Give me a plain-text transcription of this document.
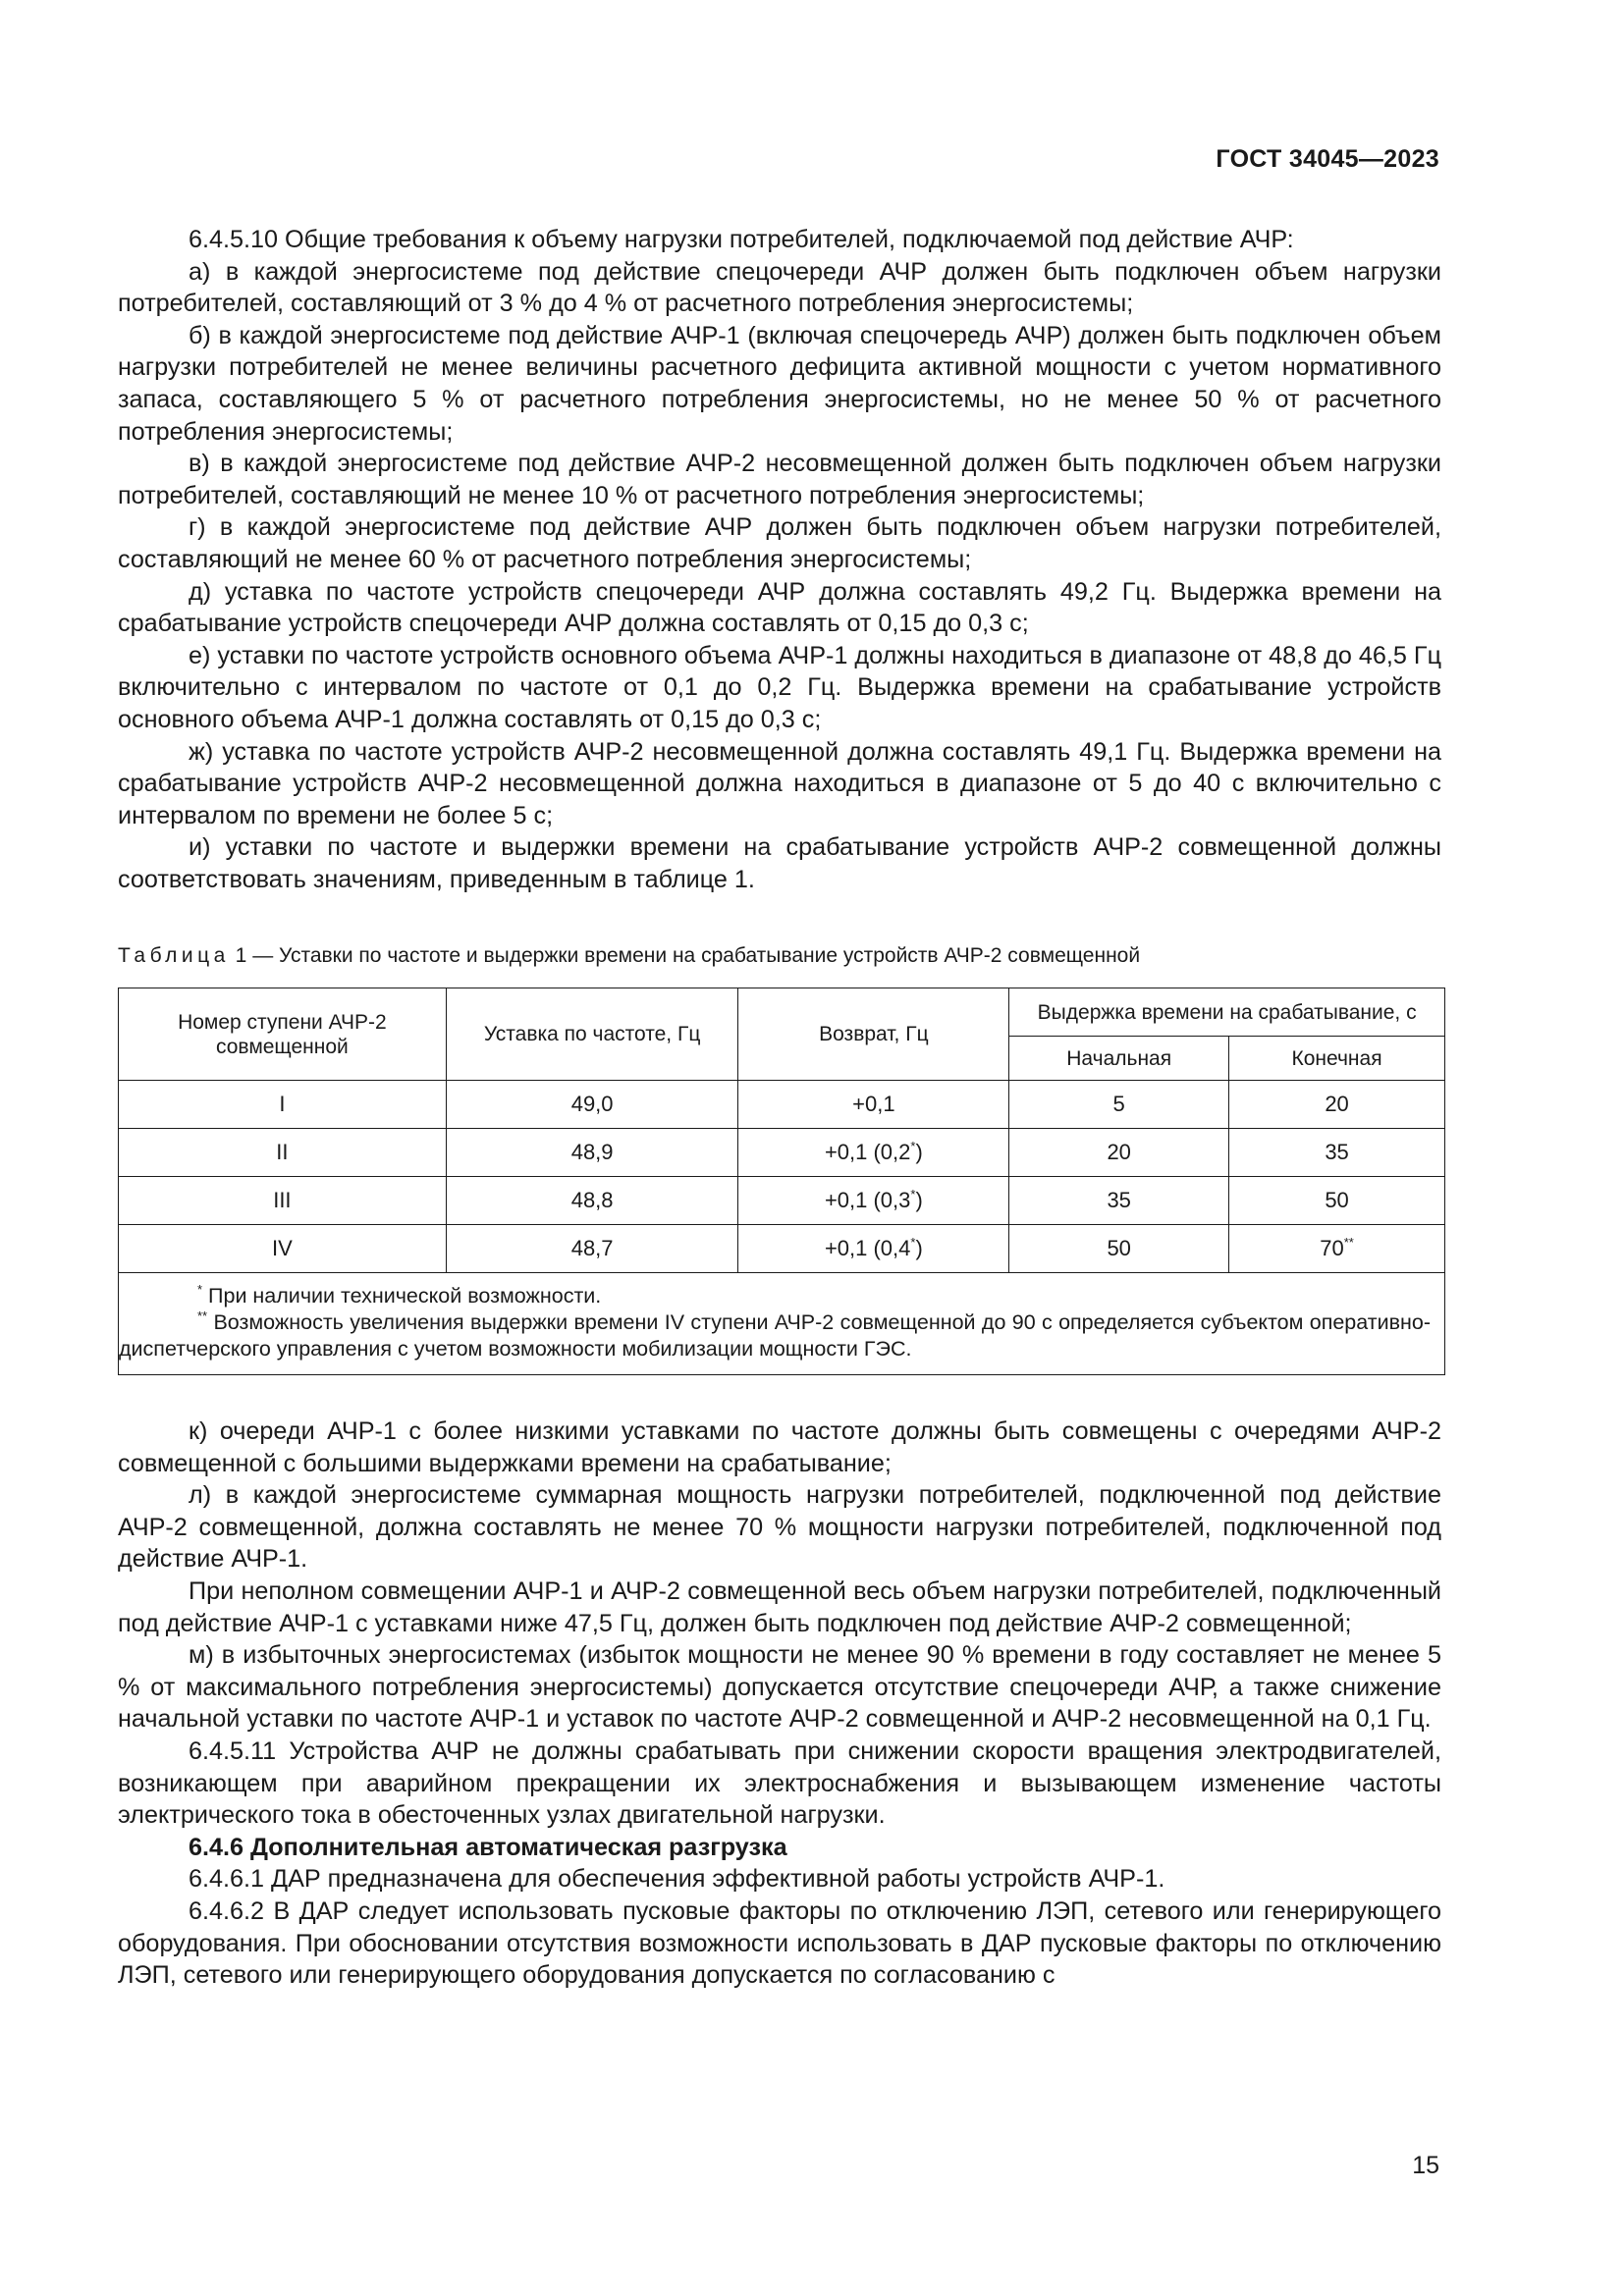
ГОСТ 34045—2023

6.4.5.10 Общие требования к объему нагрузки потребителей, подключаемой под действие АЧР:

а) в каждой энергосистеме под действие спецочереди АЧР должен быть подключен объем нагрузки потребителей, составляющий от 3 % до 4 % от расчетного потребления энергосистемы;

б) в каждой энергосистеме под действие АЧР-1 (включая спецочередь АЧР) должен быть подключен объем нагрузки потребителей не менее величины расчетного дефицита активной мощности с учетом нормативного запаса, составляющего 5 % от расчетного потребления энергосистемы, но не менее 50 % от расчетного потребления энергосистемы;

в) в каждой энергосистеме под действие АЧР-2 несовмещенной должен быть подключен объем нагрузки потребителей, составляющий не менее 10 % от расчетного потребления энергосистемы;

г) в каждой энергосистеме под действие АЧР должен быть подключен объем нагрузки потребителей, составляющий не менее 60 % от расчетного потребления энергосистемы;

д) уставка по частоте устройств спецочереди АЧР должна составлять 49,2 Гц. Выдержка времени на срабатывание устройств спецочереди АЧР должна составлять от 0,15 до 0,3 с;

е) уставки по частоте устройств основного объема АЧР-1 должны находиться в диапазоне от 48,8 до 46,5 Гц включительно с интервалом по частоте от 0,1 до 0,2 Гц. Выдержка времени на срабатывание устройств основного объема АЧР-1 должна составлять от 0,15 до 0,3 с;

ж) уставка по частоте устройств АЧР-2 несовмещенной должна составлять 49,1 Гц. Выдержка времени на срабатывание устройств АЧР-2 несовмещенной должна находиться в диапазоне от 5 до 40 с включительно с интервалом по времени не более 5 с;

и) уставки по частоте и выдержки времени на срабатывание устройств АЧР-2 совмещенной должны соответствовать значениям, приведенным в таблице 1.

Таблица 1 — Уставки по частоте и выдержки времени на срабатывание устройств АЧР-2 совмещенной
Номер ступени АЧР-2 совмещенной	Уставка по частоте, Гц	Возврат, Гц	Выдержка времени на срабатывание, с	
			Начальная	Конечная
I	49,0	+0,1	5	20
II	48,9	+0,1 (0,2*)	20	35
III	48,8	+0,1 (0,3*)	35	50
IV	48,7	+0,1 (0,4*)	50	70**

* При наличии технической возможности.
** Возможность увеличения выдержки времени IV ступени АЧР-2 совмещенной до 90 с определяется субъектом оперативно-диспетчерского управления с учетом возможности мобилизации мощности ГЭС.				

к) очереди АЧР-1 с более низкими уставками по частоте должны быть совмещены с очередями АЧР-2 совмещенной с большими выдержками времени на срабатывание;

л) в каждой энергосистеме суммарная мощность нагрузки потребителей, подключенной под действие АЧР-2 совмещенной, должна составлять не менее 70 % мощности нагрузки потребителей, подключенной под действие АЧР-1.

При неполном совмещении АЧР-1 и АЧР-2 совмещенной весь объем нагрузки потребителей, подключенный под действие АЧР-1 с уставками ниже 47,5 Гц, должен быть подключен под действие АЧР-2 совмещенной;

м) в избыточных энергосистемах (избыток мощности не менее 90 % времени в году составляет не менее 5 % от максимального потребления энергосистемы) допускается отсутствие спецочереди АЧР, а также снижение начальной уставки по частоте АЧР-1 и уставок по частоте АЧР-2 совмещенной и АЧР-2 несовмещенной на 0,1 Гц.

6.4.5.11 Устройства АЧР не должны срабатывать при снижении скорости вращения электродвигателей, возникающем при аварийном прекращении их электроснабжения и вызывающем изменение частоты электрического тока в обесточенных узлах двигательной нагрузки.

6.4.6 Дополнительная автоматическая разгрузка

6.4.6.1 ДАР предназначена для обеспечения эффективной работы устройств АЧР-1.

6.4.6.2 В ДАР следует использовать пусковые факторы по отключению ЛЭП, сетевого или генерирующего оборудования. При обосновании отсутствия возможности использовать в ДАР пусковые факторы по отключению ЛЭП, сетевого или генерирующего оборудования допускается по согласованию с

15
